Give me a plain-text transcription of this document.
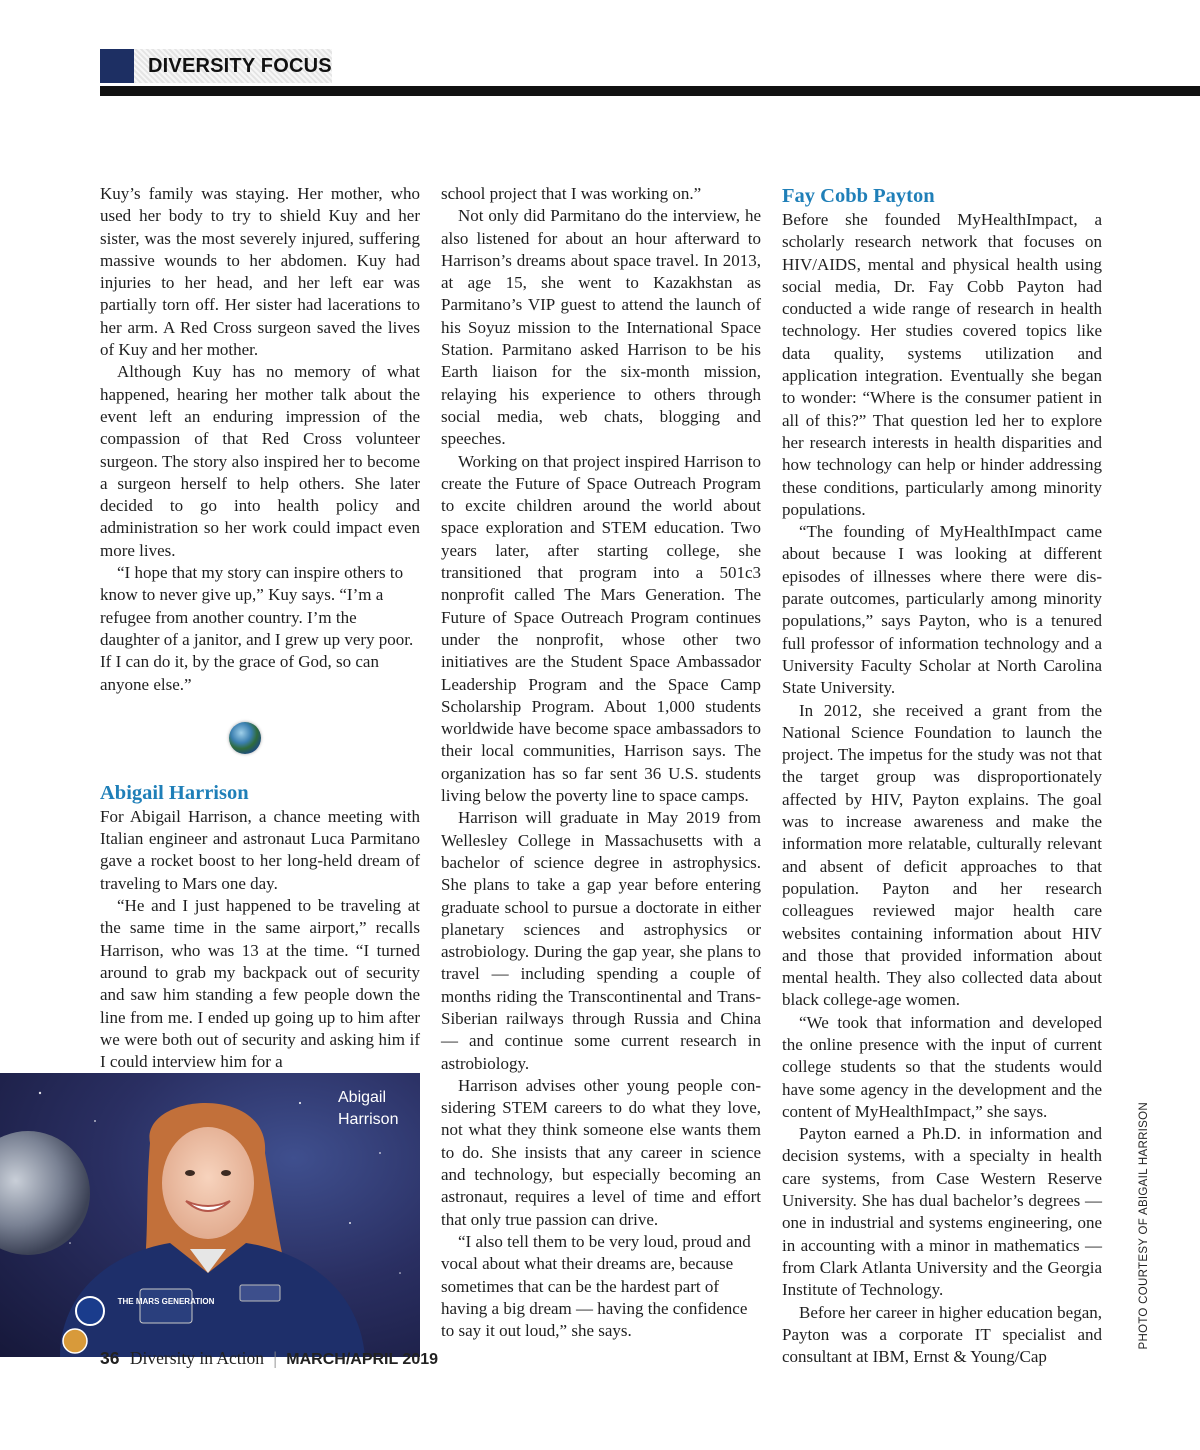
DIVERSITY FOCUS

Kuy’s family was staying. Her mother, who used her body to try to shield Kuy and her sister, was the most severely injured, suffering massive wounds to her abdomen. Kuy had injuries to her head, and her left ear was partially torn off. Her sister had lacerations to her arm. A Red Cross surgeon saved the lives of Kuy and her mother.

Although Kuy has no memory of what happened, hearing her mother talk about the event left an enduring impression of the compassion of that Red Cross volunteer surgeon. The story also inspired her to become a surgeon herself to help others. She later decided to go into health policy and administration so her work could impact even more lives.

“I hope that my story can inspire others to know to never give up,” Kuy says. “I’m a refugee from another country. I’m the daughter of a janitor, and I grew up very poor. If I can do it, by the grace of God, so can anyone else.”

Abigail Harrison

For Abigail Harrison, a chance meeting with Italian engineer and astronaut Luca Parmitano gave a rocket boost to her long-held dream of traveling to Mars one day.

“He and I just happened to be traveling at the same time in the same airport,” recalls Harrison, who was 13 at the time. “I turned around to grab my backpack out of security and saw him standing a few people down the line from me. I ended up going up to him after we were both out of security and asking him if I could interview him for a

school project that I was working on.”

Not only did Parmitano do the interview, he also listened for about an hour afterward to Harrison’s dreams about space travel. In 2013, at age 15, she went to Kazakhstan as Parmitano’s VIP guest to attend the launch of his Soyuz mission to the International Space Station. Parmitano asked Harrison to be his Earth liaison for the six-month mission, relaying his experience to others through social media, web chats, blogging and speeches.

Working on that project inspired Harrison to create the Future of Space Outreach Program to excite children around the world about space exploration and STEM education. Two years later, after starting college, she transitioned that program into a 501c3 nonprofit called The Mars Generation. The Future of Space Outreach Program continues under the nonprofit, whose other two initiatives are the Student Space Ambassador Leadership Program and the Space Camp Scholarship Program. About 1,000 students worldwide have become space ambassadors to their local communities, Harrison says. The organization has so far sent 36 U.S. students living below the poverty line to space camps.

Harrison will graduate in May 2019 from Wellesley College in Massachusetts with a bachelor of science degree in astrophysics. She plans to take a gap year before entering graduate school to pursue a doctorate in either planetary sciences and astrophysics or astrobiology. During the gap year, she plans to travel — including spending a couple of months riding the Transcontinental and Trans-Siberian railways through Russia and China — and continue some current research in astrobiology.

Harrison advises other young people considering STEM careers to do what they love, not what they think someone else wants them to do. She insists that any career in science and technology, but especially becoming an astronaut, requires a level of time and effort that only true passion can drive.

“I also tell them to be very loud, proud and vocal about what their dreams are, because sometimes that can be the hardest part of having a big dream — having the confidence to say it out loud,” she says.

Fay Cobb Payton

Before she founded MyHealthImpact, a scholarly research network that focuses on HIV/AIDS, mental and physical health using social media, Dr. Fay Cobb Payton had conducted a wide range of research in health technology. Her studies covered topics like data quality, systems utilization and application integration. Eventually she began to wonder: “Where is the consumer patient in all of this?” That question led her to explore her research interests in health disparities and how technology can help or hinder addressing these conditions, particularly among minority populations.

“The founding of MyHealthImpact came about because I was looking at different episodes of illnesses where there were disparate outcomes, particularly among minority populations,” says Payton, who is a tenured full professor of information technology and a University Faculty Scholar at North Carolina State University.

In 2012, she received a grant from the National Science Foundation to launch the project. The impetus for the study was not that the target group was disproportionately affected by HIV, Payton explains. The goal was to increase awareness and make the information more relatable, culturally relevant and absent of deficit approaches to that population. Payton and her research colleagues reviewed major health care websites containing information about HIV and those that provided information about mental health. They also collected data about black college-age women.

“We took that information and developed the online presence with the input of current college students so that the students would have some agency in the development and the content of MyHealthImpact,” she says.

Payton earned a Ph.D. in information and decision systems, with a specialty in health care systems, from Case Western Reserve University. She has dual bachelor’s degrees — one in industrial and systems engineering, one in accounting with a minor in mathematics — from Clark Atlanta University and the Georgia Institute of Technology.

Before her career in higher education began, Payton was a corporate IT specialist and consultant at IBM, Ernst & Young/Cap

THE MARS GENERATION
Abigail Harrison	PHOTO COURTESY OF ABIGAIL HARRISON
36 Diversity in Action | MARCH/APRIL 2019
